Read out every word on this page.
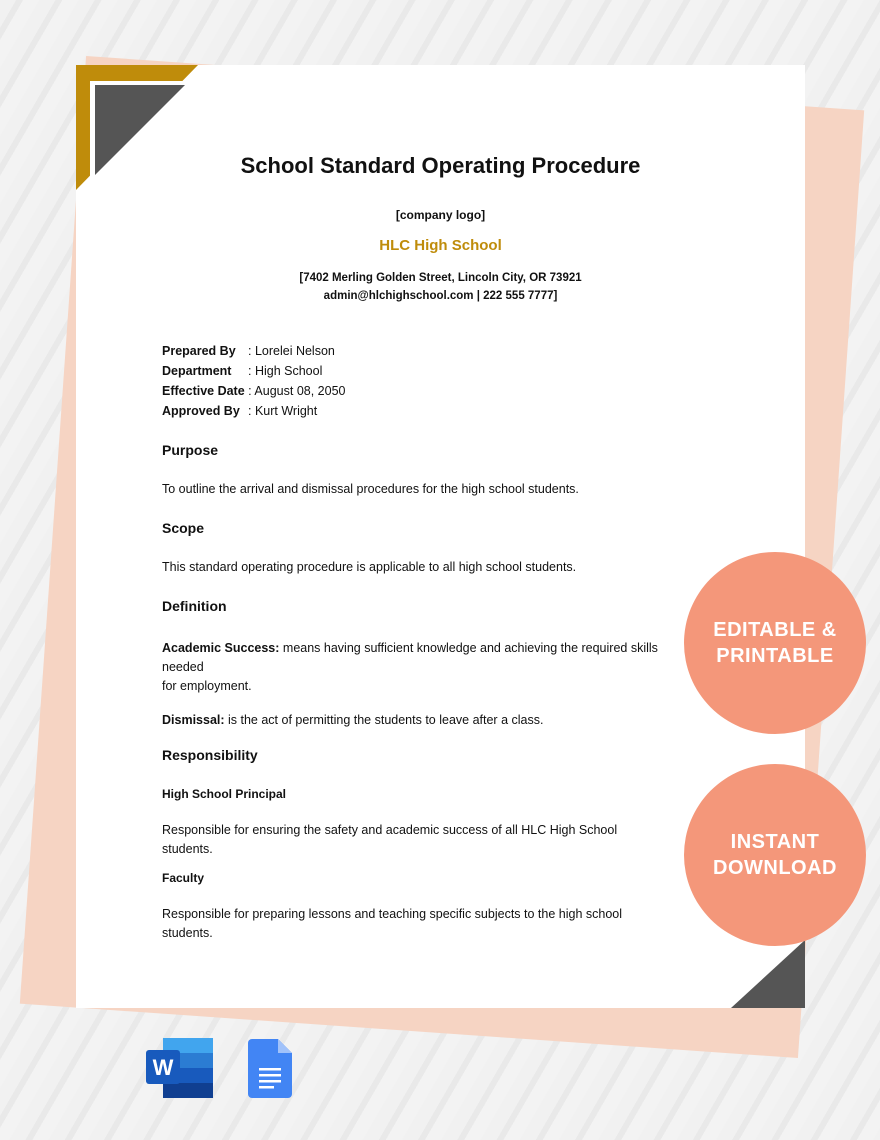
School Standard Operating Procedure
[company logo]
HLC High School
[7402 Merling Golden Street, Lincoln City, OR 73921
admin@hlchighschool.com | 222 555 7777]
Prepared By : Lorelei Nelson
Department : High School
Effective Date : August 08, 2050
Approved By : Kurt Wright
Purpose
To outline the arrival and dismissal procedures for the high school students.
Scope
This standard operating procedure is applicable to all high school students.
Definition
Academic Success: means having sufficient knowledge and achieving the required skills needed
for employment.
Dismissal: is the act of permitting the students to leave after a class.
Responsibility
High School Principal
Responsible for ensuring the safety and academic success of all HLC High School students.
Faculty
Responsible for preparing lessons and teaching specific subjects to the high school students.
EDITABLE &
PRINTABLE
INSTANT
DOWNLOAD
W
